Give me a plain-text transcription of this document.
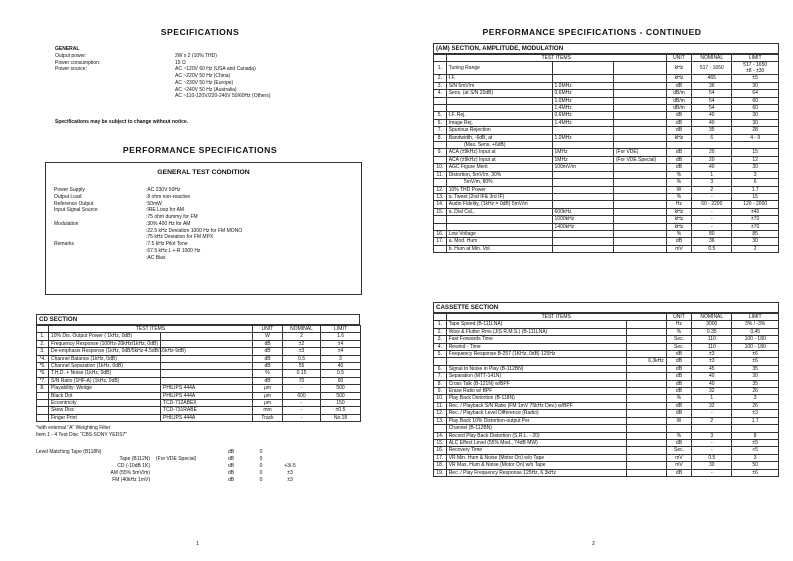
SPECIFICATIONS
GENERAL
Output power:	2W x 2 (10% THD)
Power consumption:	15 Ω
Power source:	AC ~120V 60 Hz (USA and Canada)
AC ~220V 50 Hz (China)
AC ~230V 50 Hz (Europe)
AC ~240V 50 Hz (Australia)
AC ~110-120V/220-240V 50/60Hz (Others)
Specifications may be subject to change without notice.
PERFORMANCE SPECIFICATIONS
GENERAL TEST CONDITION
Power Supply	:AC 230V 50Hz
Output Load	:8 ohm non-reactive
Reference Output	:50mW
Input Signal Source	:IRE Loop for AM
:75 ohm dummy for FM
Modulation	:30% 400 Hz for AM
:22.5 kHz Deviation 1000 Hz for FM MONO
:75 kHz Deviation for FM MPX
Remarks	:7.5 kHz Pilot Tone
:67.5 kHz L + R 1000 Hz
:AC Bias
CD SECTION
	TEST ITEMS		UNIT	NOMINAL	LIMIT
1.	10% Dis. Output Power ( 1kHz, 0dB)		W	2	1.6
2.	Frequency Response (100Hz-20kHz/1kHz, 0dB)		dB	±2	±4
3.	De-emphasis Response (1kHz, 0dB/5kHz-4.5dB/16kHz-9dB)		dB	±3	±4
*4.	Channel Balance (1kHz, 0dB)		dB	0.5	3
*5.	Channel Separation (1kHz, 0dB)		dB	55	40
*6.	T.H.D. + Noise (1kHz, 0dB)		%	0.15	0.5
*7.	S/N Ratio (1HF-A) (1kHz, 0dB)		dB	70	60
8.	Playability: Wedge	PHILIPS 444A	μm	-	500
	Black Dot	PHILIPS 444A	μm	600	500
	Eccentricity	TCD-712ABEX	μm	-	150
	Skew Disc	TCD-731RABE	mm	-	±0.5
	Finger Print	PHILIPS 444A	Track	-	No.18
*with external "A" Weighting Filter
Item 1 - 4 Test Disc "CBS SONY YEDS7"
Level Matching Tape (B118N)	dB	0
Tape (B112N)	(For VDE Special)	dB	0
CD (-10dB 1K)	dB	0	+3/-5
AM (55% 5mV/m)	dB	0	±3
FM (40kHz 1mV)	dB	0	±3
1
PERFORMANCE SPECIFICATIONS - CONTINUED
(AM) SECTION, AMPLITUDE, MODULATION
	TEST ITEMS			UNIT	NOMINAL	LIMIT
1.	Tuning Range			kHz	517 - 1650	517 - 1650
±8 - ±30
2.	I.F.			kHz	465	±5
3.	S/N 5mV/m	1.0MHz		dB	36	30
4.	Sens. (at S/N 20dB)	0.6MHz		dB/m	54	64
		1.0MHz		dB/m	54	60
		1.4MHz		dB/m	54	60
5.	I.F. Rej.	0.6MHz		dB	40	30
6.	Image Rej.	1.4MHz		dB	40	30
7.	Spurious Rejection			dB	35	28
8.	Bandwidth, -6dB, at	1.0MHz		kHz	6	4 - 9
	(Max. Sens. +6dB)					
9.	ACA (±9kHz) Input at	1MHz	(For VDE)	dB	20	15
	ACA (±9kHz) Input at	1MHz	(For VDE Special)	dB	20	12
10.	AGC Figure Merit	100mV/m		dB	40	30
11.	Distortion, 5mV/m, 30%			%	1	3
	5mV/m, 80%			%	3	6
12.	10% THD Power			W	2	1.7
13.	a. Tweet (2nd IF& 3rd IF)			%	-	15
14.	Audio Fidelity, (1kHz = 0dB) 5mV/m			Hz	60 - 2200	120 - 2000
15.	a. Dial Cal.,	600kHz		kHz	-	±40
		1000kHz		kHz	-	±70
		1400kHz		kHz	-	±70
16.	Low Voltage			%	80	85
17.	a. Mod. Hum			dB	36	30
	b. Hum at Min. Vol.			mV	0.5	2
CASSETTE SECTION
	TEST ITEMS		UNIT	NOMINAL	LIMIT
1.	Tape Speed (B-111LNA)		Hz	3000	3% / -3%
2.	Wow & Flutter Rms (JIS R.M.S.) (B-111LNA)		%	0.35	0.45
3.	Fast Forwards Time		Sec.	110	100 - 180
4.	Rewind - Time		Sec.	110	100 - 180
5.	Frequency Response B-257 (1KHz, 0dB) 125Hz		dB	±3	±6
		6.3kHz	dB	±3	±6
6.	Signal to Noise in Play (B-112BN)		dB	45	35
7.	Separation (MTT-141N)		dB	40	30
8.	Cross Talk (B-121N) w/BPF		dB	40	35
9.	Erase Ratio w/ BPF		dB	32	26
10.	Play Back Distortion (B-118N)		%	1	3
11.	Rec. / Playback S/N Ratio (FM 1mV 75kHz Dev.) w/BPF		dB	32	26
12.	Rec. / Playback Level Difference (Radio)		dB	-	±3
13.	Play Back 10% Distortion-output Per		W	2	1.7
	Channel (B-112BN)				
14.	Record Play Back Distortion (S.R.L. - 20)		%	3	8
15.	ALC Effect Level (55% Mod., 74dB MW)		dB	-	±5
16.	Recovery Time		Sec.	-	<5
17.	VR Min. Hum & Noise (Motor On) w/o Tape		mV	0.5	3
18.	VR Max. Hum & Noise (Motor On) w/o Tape		mV	30	50
19.	Rec. / Play Frequency Response 125Hz, 6.3kHz		dB	-	±6
2
